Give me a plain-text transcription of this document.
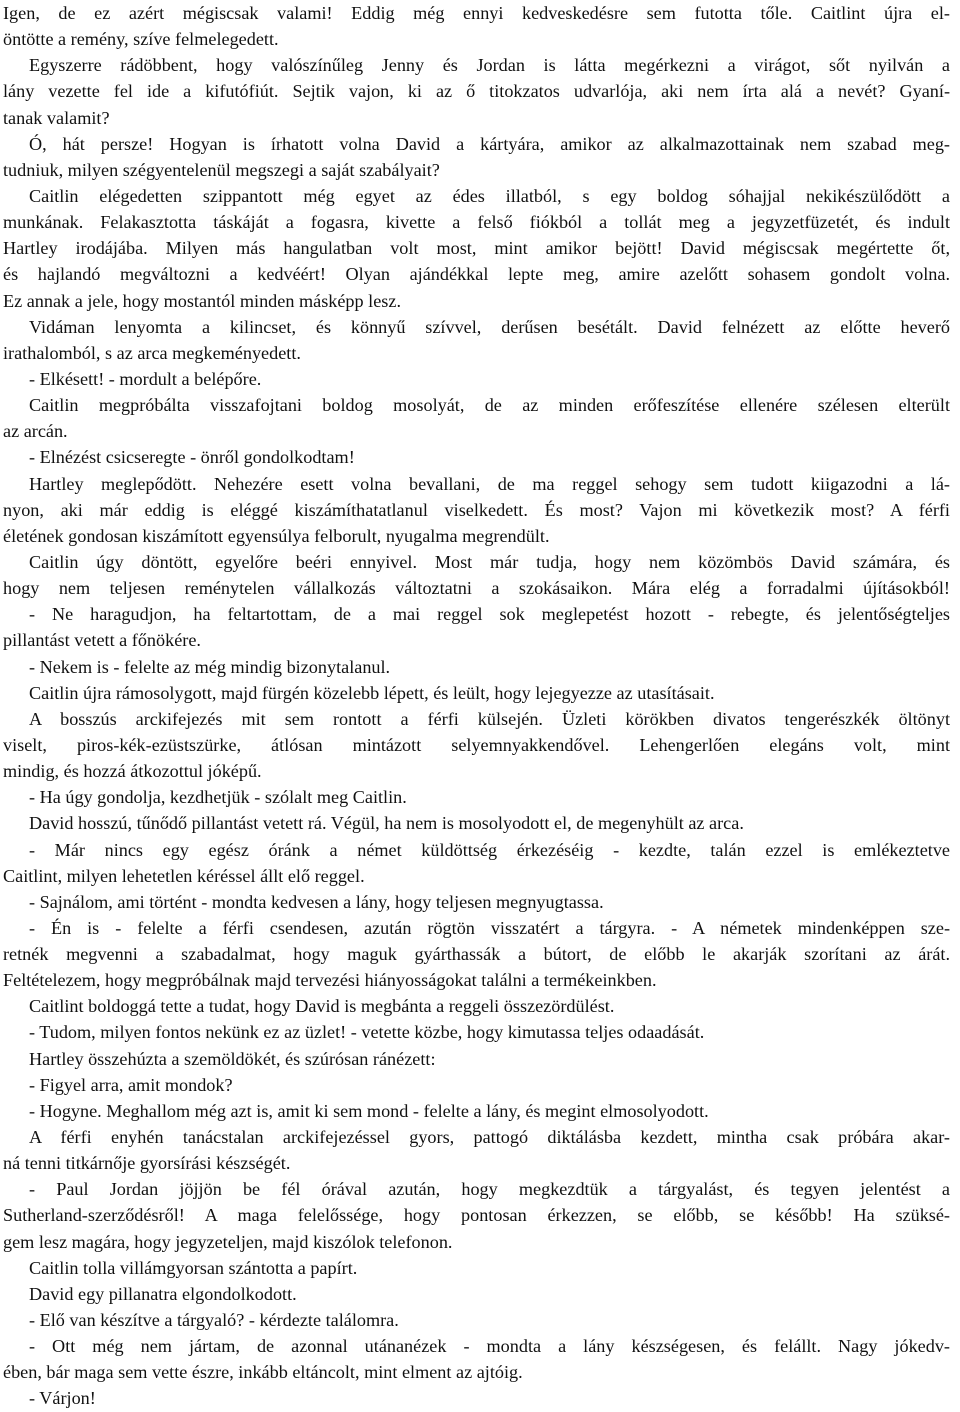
Igen, de ez azért mégiscsak valami! Eddig még ennyi kedveskedésre sem futotta tőle. Caitlint újra el-
öntötte a remény, szíve felmelegedett.
Egyszerre rádöbbent, hogy valószínűleg Jenny és Jordan is látta megérkezni a virágot, sőt nyilván a
lány vezette fel ide a kifutófiút. Sejtik vajon, ki az ő titokzatos udvarlója, aki nem írta alá a nevét? Gyaní-
tanak valamit?
Ó, hát persze! Hogyan is írhatott volna David a kártyára, amikor az alkalmazottainak nem szabad meg-
tudniuk, milyen szégyentelenül megszegi a saját szabályait?
Caitlin elégedetten szippantott még egyet az édes illatból, s egy boldog sóhajjal nekikészülődött a
munkának. Felakasztotta táskáját a fogasra, kivette a felső fiókból a tollát meg a jegyzetfüzetét, és indult
Hartley irodájába. Milyen más hangulatban volt most, mint amikor bejött! David mégiscsak megértette őt,
és hajlandó megváltozni a kedvéért! Olyan ajándékkal lepte meg, amire azelőtt sohasem gondolt volna.
Ez annak a jele, hogy mostantól minden másképp lesz.
Vidáman lenyomta a kilincset, és könnyű szívvel, derűsen besétált. David felnézett az előtte heverő
irathalomból, s az arca megkeményedett.
- Elkésett! - mordult a belépőre.
Caitlin megpróbálta visszafojtani boldog mosolyát, de az minden erőfeszítése ellenére szélesen elterült
az arcán.
- Elnézést csicseregte - önről gondolkodtam!
Hartley meglepődött. Nehezére esett volna bevallani, de ma reggel sehogy sem tudott kiigazodni a lá-
nyon, aki már eddig is eléggé kiszámíthatatlanul viselkedett. És most? Vajon mi következik most? A férfi
életének gondosan kiszámított egyensúlya felborult, nyugalma megrendült.
Caitlin úgy döntött, egyelőre beéri ennyivel. Most már tudja, hogy nem közömbös David számára, és
hogy nem teljesen reménytelen vállalkozás változtatni a szokásaikon. Mára elég a forradalmi újításokból!
- Ne haragudjon, ha feltartottam, de a mai reggel sok meglepetést hozott - rebegte, és jelentőségteljes
pillantást vetett a főnökére.
- Nekem is - felelte az még mindig bizonytalanul.
Caitlin újra rámosolygott, majd fürgén közelebb lépett, és leült, hogy lejegyezze az utasításait.
A bosszús arckifejezés mit sem rontott a férfi külsején. Üzleti körökben divatos tengerészkék öltönyt
viselt, piros-kék-ezüstszürke, átlósan mintázott selyemnyakkendővel. Lehengerlően elegáns volt, mint
mindig, és hozzá átkozottul jóképű.
- Ha úgy gondolja, kezdhetjük - szólalt meg Caitlin.
David hosszú, tűnődő pillantást vetett rá. Végül, ha nem is mosolyodott el, de megenyhült az arca.
- Már nincs egy egész óránk a német küldöttség érkezéséig - kezdte, talán ezzel is emlékeztetve
Caitlint, milyen lehetetlen kéréssel állt elő reggel.
- Sajnálom, ami történt - mondta kedvesen a lány, hogy teljesen megnyugtassa.
- Én is - felelte a férfi csendesen, azután rögtön visszatért a tárgyra. - A németek mindenképpen sze-
retnék megvenni a szabadalmat, hogy maguk gyárthassák a bútort, de előbb le akarják szorítani az árát.
Feltételezem, hogy megpróbálnak majd tervezési hiányosságokat találni a termékeinkben.
Caitlint boldoggá tette a tudat, hogy David is megbánta a reggeli összezördülést.
- Tudom, milyen fontos nekünk ez az üzlet! - vetette közbe, hogy kimutassa teljes odaadását.
Hartley összehúzta a szemöldökét, és szúrósan ránézett:
- Figyel arra, amit mondok?
- Hogyne. Meghallom még azt is, amit ki sem mond - felelte a lány, és megint elmosolyodott.
A férfi enyhén tanácstalan arckifejezéssel gyors, pattogó diktálásba kezdett, mintha csak próbára akar-
ná tenni titkárnője gyorsírási készségét.
- Paul Jordan jöjjön be fél órával azután, hogy megkezdtük a tárgyalást, és tegyen jelentést a
Sutherland-szerződésről! A maga felelőssége, hogy pontosan érkezzen, se előbb, se később! Ha szüksé-
gem lesz magára, hogy jegyzeteljen, majd kiszólok telefonon.
Caitlin tolla villámgyorsan szántotta a papírt.
David egy pillanatra elgondolkodott.
- Elő van készítve a tárgyaló? - kérdezte találomra.
- Ott még nem jártam, de azonnal utánanézek - mondta a lány készségesen, és felállt. Nagy jókedv-
ében, bár maga sem vette észre, inkább eltáncolt, mint elment az ajtóig.
- Várjon!
